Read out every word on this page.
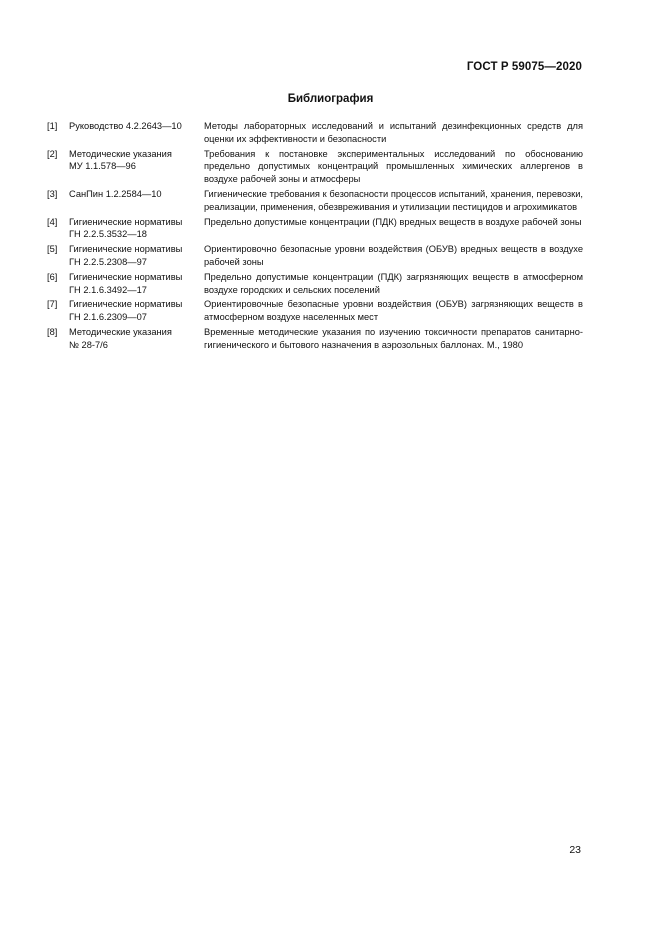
ГОСТ Р 59075—2020
Библиография
[1]	Руководство 4.2.2643—10	Методы лабораторных исследований и испытаний дезинфекционных средств для оценки их эффективности и безопасности
[2]	Методические указания
МУ 1.1.578—96	Требования к постановке экспериментальных исследований по обоснованию предельно допустимых концентраций промышленных химических аллергенов в воздухе рабочей зоны и атмосферы
[3]	СанПин 1.2.2584—10	Гигиенические требования к безопасности процессов испытаний, хранения, перевозки, реализации, применения, обезвреживания и утилизации пестицидов и агрохимикатов
[4]	Гигиенические нормативы
ГН 2.2.5.3532—18	Предельно допустимые концентрации (ПДК) вредных веществ в воздухе рабочей зоны
[5]	Гигиенические нормативы
ГН 2.2.5.2308—97	Ориентировочно безопасные уровни воздействия (ОБУВ) вредных веществ в воздухе рабочей зоны
[6]	Гигиенические нормативы
ГН 2.1.6.3492—17	Предельно допустимые концентрации (ПДК) загрязняющих веществ в атмосферном воздухе городских и сельских поселений
[7]	Гигиенические нормативы
ГН 2.1.6.2309—07	Ориентировочные безопасные уровни воздействия (ОБУВ) загрязняющих веществ в атмосферном воздухе населенных мест
[8]	Методические указания
№ 28-7/6	Временные методические указания по изучению токсичности препаратов санитарно-гигиенического и бытового назначения в аэрозольных баллонах. М., 1980
23
